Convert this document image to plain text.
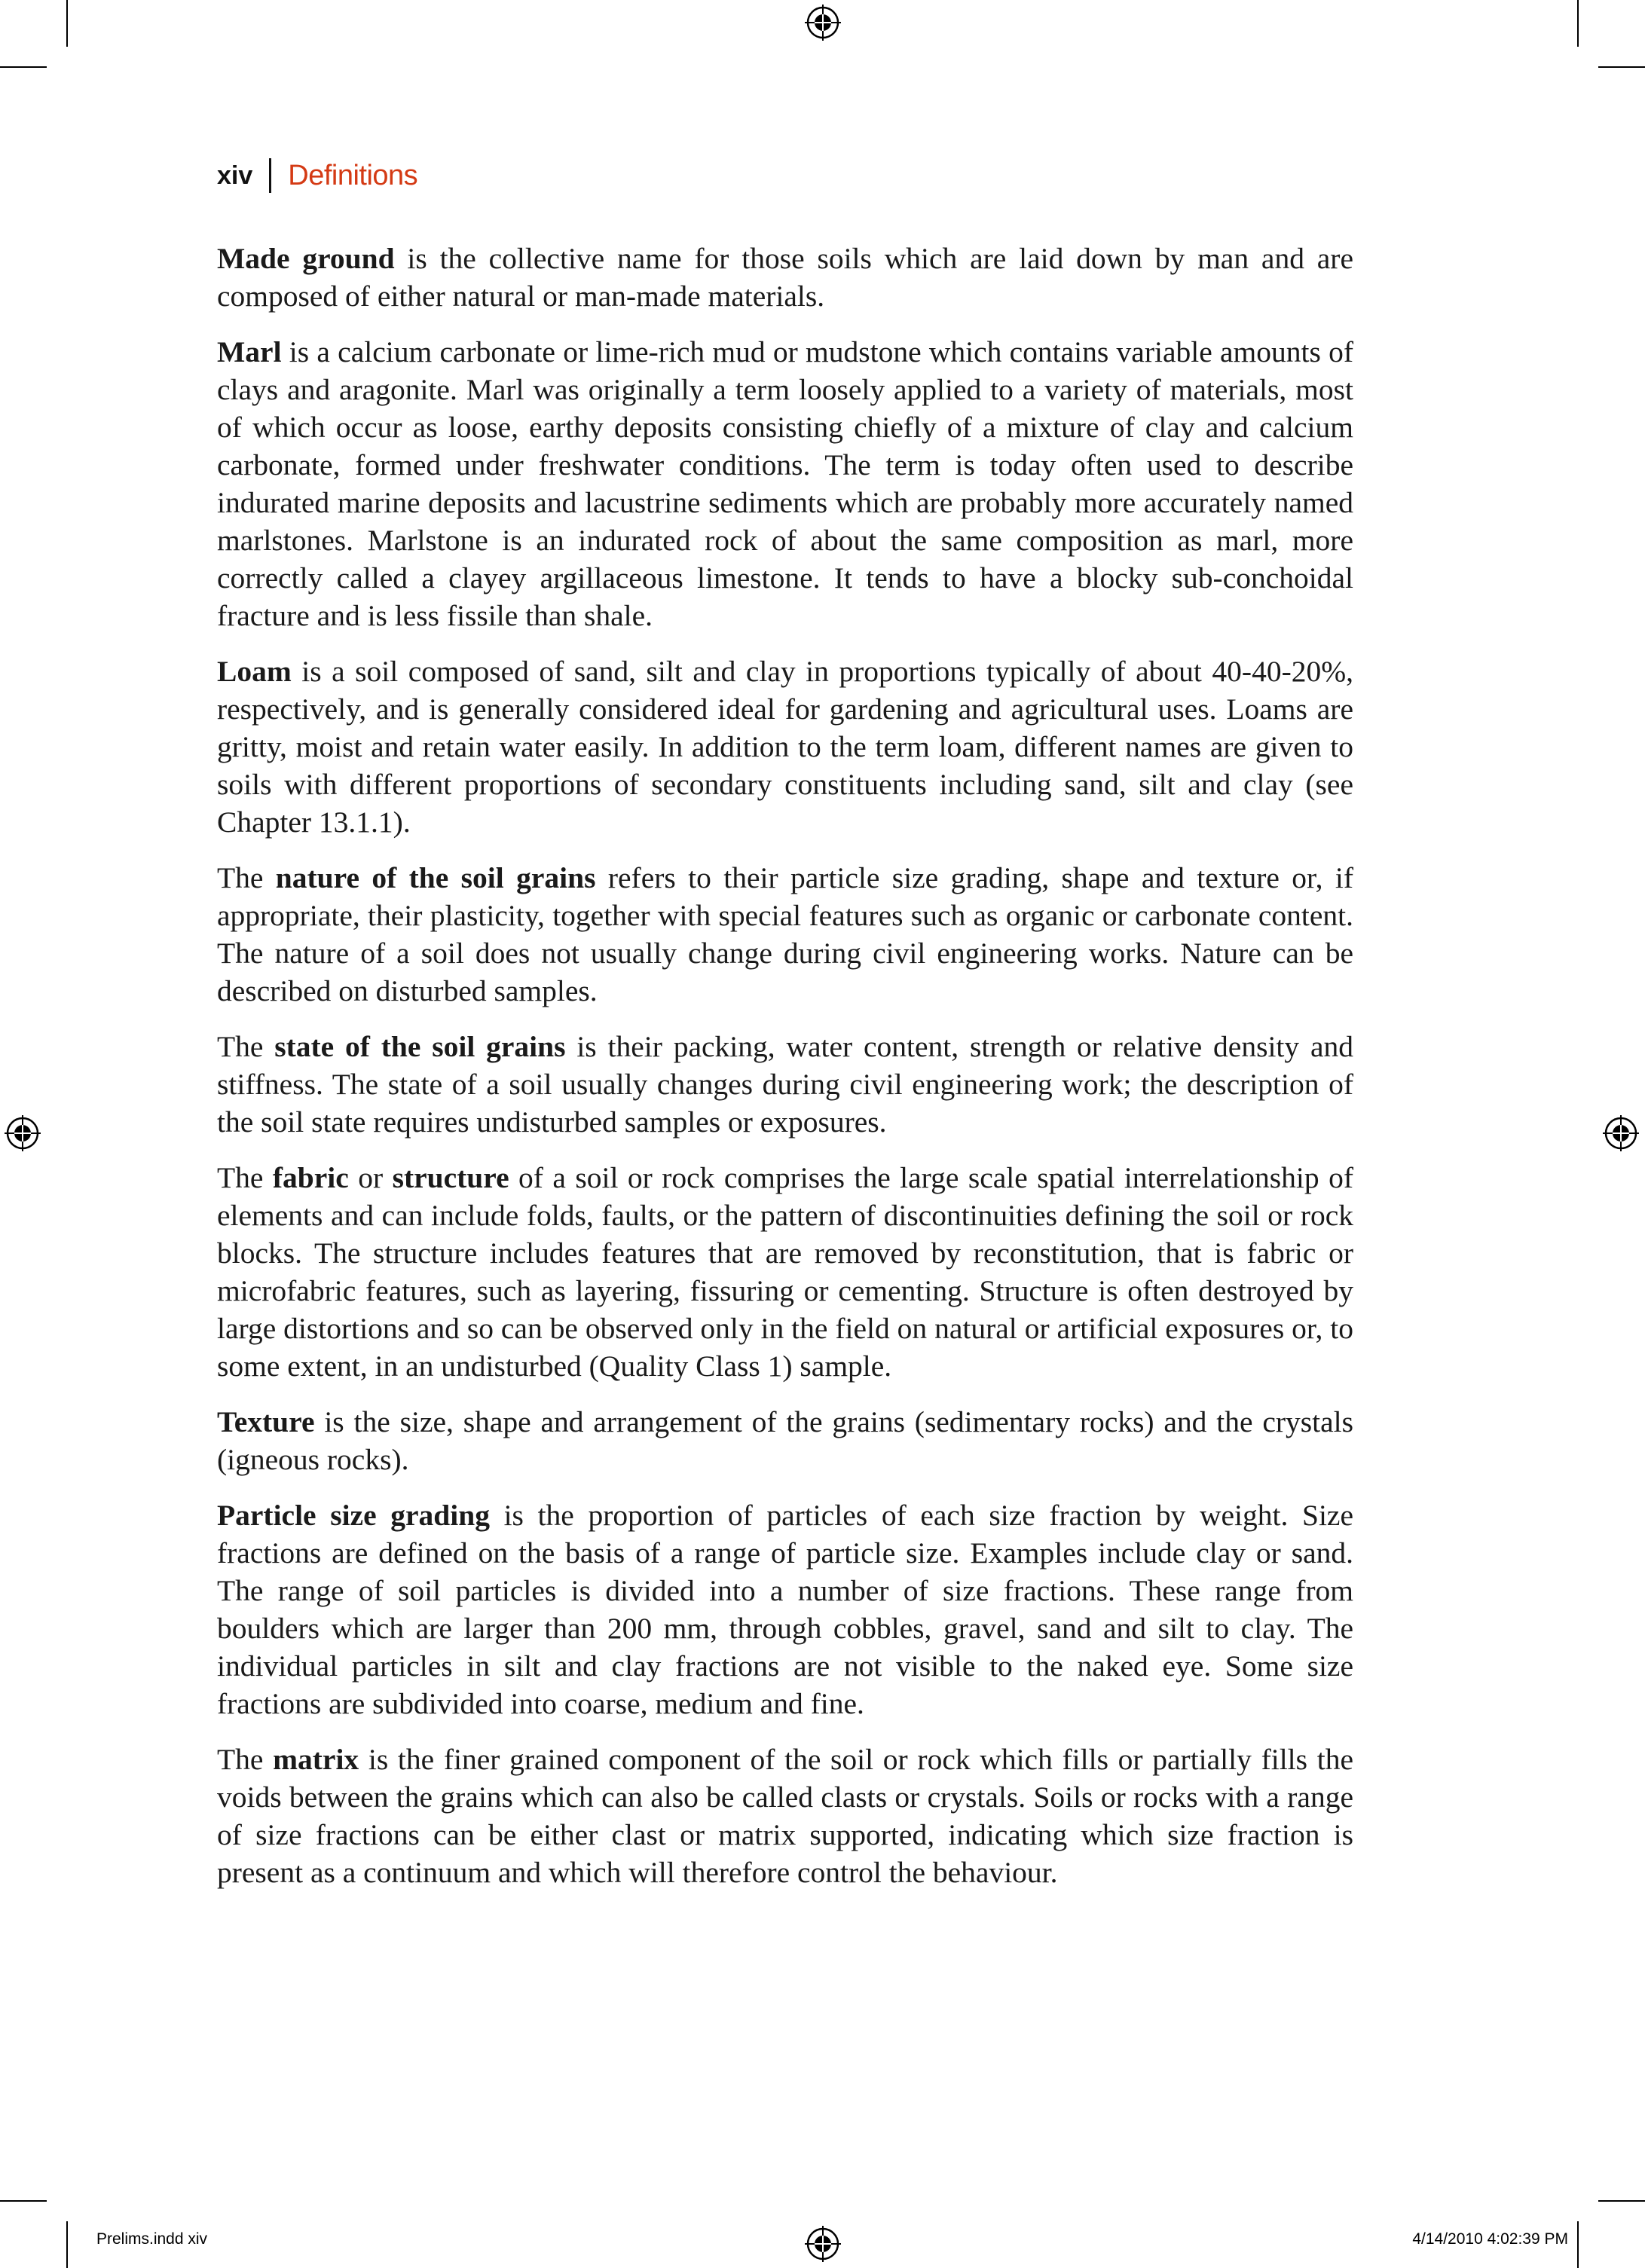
xiv Definitions

Made ground is the collective name for those soils which are laid down by man and are composed of either natural or man-made materials.

Marl is a calcium carbonate or lime-rich mud or mudstone which contains variable amounts of clays and aragonite. Marl was originally a term loosely applied to a variety of materials, most of which occur as loose, earthy deposits consisting chiefly of a mixture of clay and calcium carbonate, formed under freshwater conditions. The term is today often used to describe indurated marine deposits and lacustrine sediments which are probably more accurately named marlstones. Marlstone is an indurated rock of about the same composition as marl, more correctly called a clayey argillaceous limestone. It tends to have a blocky sub-conchoidal fracture and is less fissile than shale.

Loam is a soil composed of sand, silt and clay in proportions typically of about 40-40-20%, respectively, and is generally considered ideal for gardening and agricultural uses. Loams are gritty, moist and retain water easily. In addition to the term loam, different names are given to soils with different proportions of secondary constituents including sand, silt and clay (see Chapter 13.1.1).

The nature of the soil grains refers to their particle size grading, shape and texture or, if appropriate, their plasticity, together with special features such as organic or carbonate content. The nature of a soil does not usually change during civil engineering works. Nature can be described on disturbed samples.

The state of the soil grains is their packing, water content, strength or relative density and stiffness. The state of a soil usually changes during civil engineering work; the description of the soil state requires undisturbed samples or exposures.

The fabric or structure of a soil or rock comprises the large scale spatial interrelationship of elements and can include folds, faults, or the pattern of discontinuities defining the soil or rock blocks. The structure includes features that are removed by reconstitution, that is fabric or microfabric features, such as layering, fissuring or cementing. Structure is often destroyed by large distortions and so can be observed only in the field on natural or artificial exposures or, to some extent, in an undisturbed (Quality Class 1) sample.

Texture is the size, shape and arrangement of the grains (sedimentary rocks) and the crystals (igneous rocks).

Particle size grading is the proportion of particles of each size fraction by weight. Size fractions are defined on the basis of a range of particle size. Examples include clay or sand. The range of soil particles is divided into a number of size fractions. These range from boulders which are larger than 200 mm, through cobbles, gravel, sand and silt to clay. The individual particles in silt and clay fractions are not visible to the naked eye. Some size fractions are subdivided into coarse, medium and fine.

The matrix is the finer grained component of the soil or rock which fills or partially fills the voids between the grains which can also be called clasts or crystals. Soils or rocks with a range of size fractions can be either clast or matrix supported, indicating which size fraction is present as a continuum and which will therefore control the behaviour.

Prelims.indd xiv	4/14/2010 4:02:39 PM
